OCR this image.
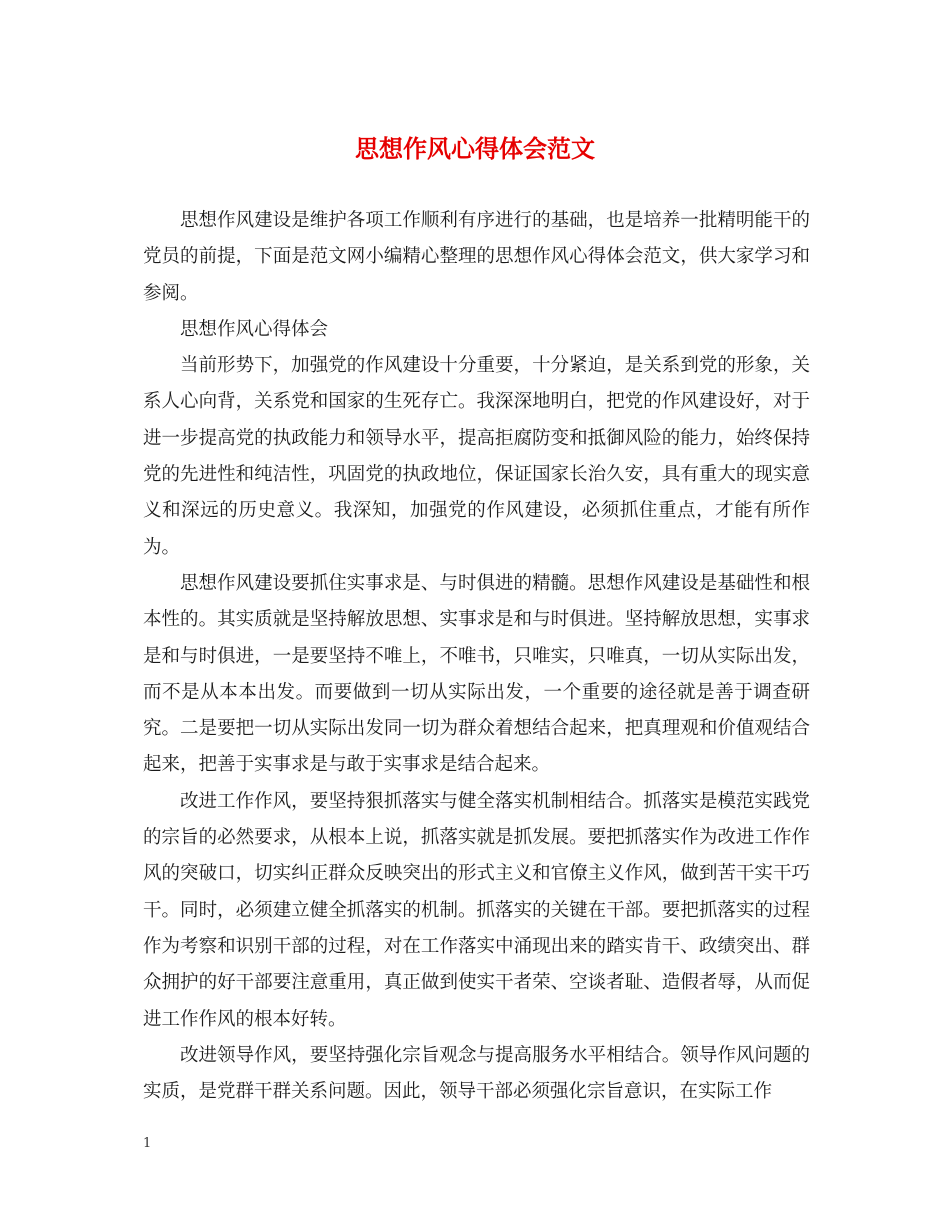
思想作风心得体会范文

思想作风建设是维护各项工作顺利有序进行的基础，也是培养一批精明能干的党员的前提，下面是范文网小编精心整理的思想作风心得体会范文，供大家学习和参阅。

思想作风心得体会

当前形势下，加强党的作风建设十分重要，十分紧迫，是关系到党的形象，关系人心向背，关系党和国家的生死存亡。我深深地明白，把党的作风建设好，对于进一步提高党的执政能力和领导水平，提高拒腐防变和抵御风险的能力，始终保持党的先进性和纯洁性，巩固党的执政地位，保证国家长治久安，具有重大的现实意义和深远的历史意义。我深知，加强党的作风建设，必须抓住重点，才能有所作为。

思想作风建设要抓住实事求是、与时俱进的精髓。思想作风建设是基础性和根本性的。其实质就是坚持解放思想、实事求是和与时俱进。坚持解放思想，实事求是和与时俱进，一是要坚持不唯上，不唯书，只唯实，只唯真，一切从实际出发，而不是从本本出发。而要做到一切从实际出发，一个重要的途径就是善于调查研究。二是要把一切从实际出发同一切为群众着想结合起来，把真理观和价值观结合起来，把善于实事求是与敢于实事求是结合起来。

改进工作作风，要坚持狠抓落实与健全落实机制相结合。抓落实是模范实践党的宗旨的必然要求，从根本上说，抓落实就是抓发展。要把抓落实作为改进工作作风的突破口，切实纠正群众反映突出的形式主义和官僚主义作风，做到苦干实干巧干。同时，必须建立健全抓落实的机制。抓落实的关键在干部。要把抓落实的过程作为考察和识别干部的过程，对在工作落实中涌现出来的踏实肯干、政绩突出、群众拥护的好干部要注意重用，真正做到使实干者荣、空谈者耻、造假者辱，从而促进工作作风的根本好转。

改进领导作风，要坚持强化宗旨观念与提高服务水平相结合。领导作风问题的实质，是党群干群关系问题。因此，领导干部必须强化宗旨意识，在实际工作

1
